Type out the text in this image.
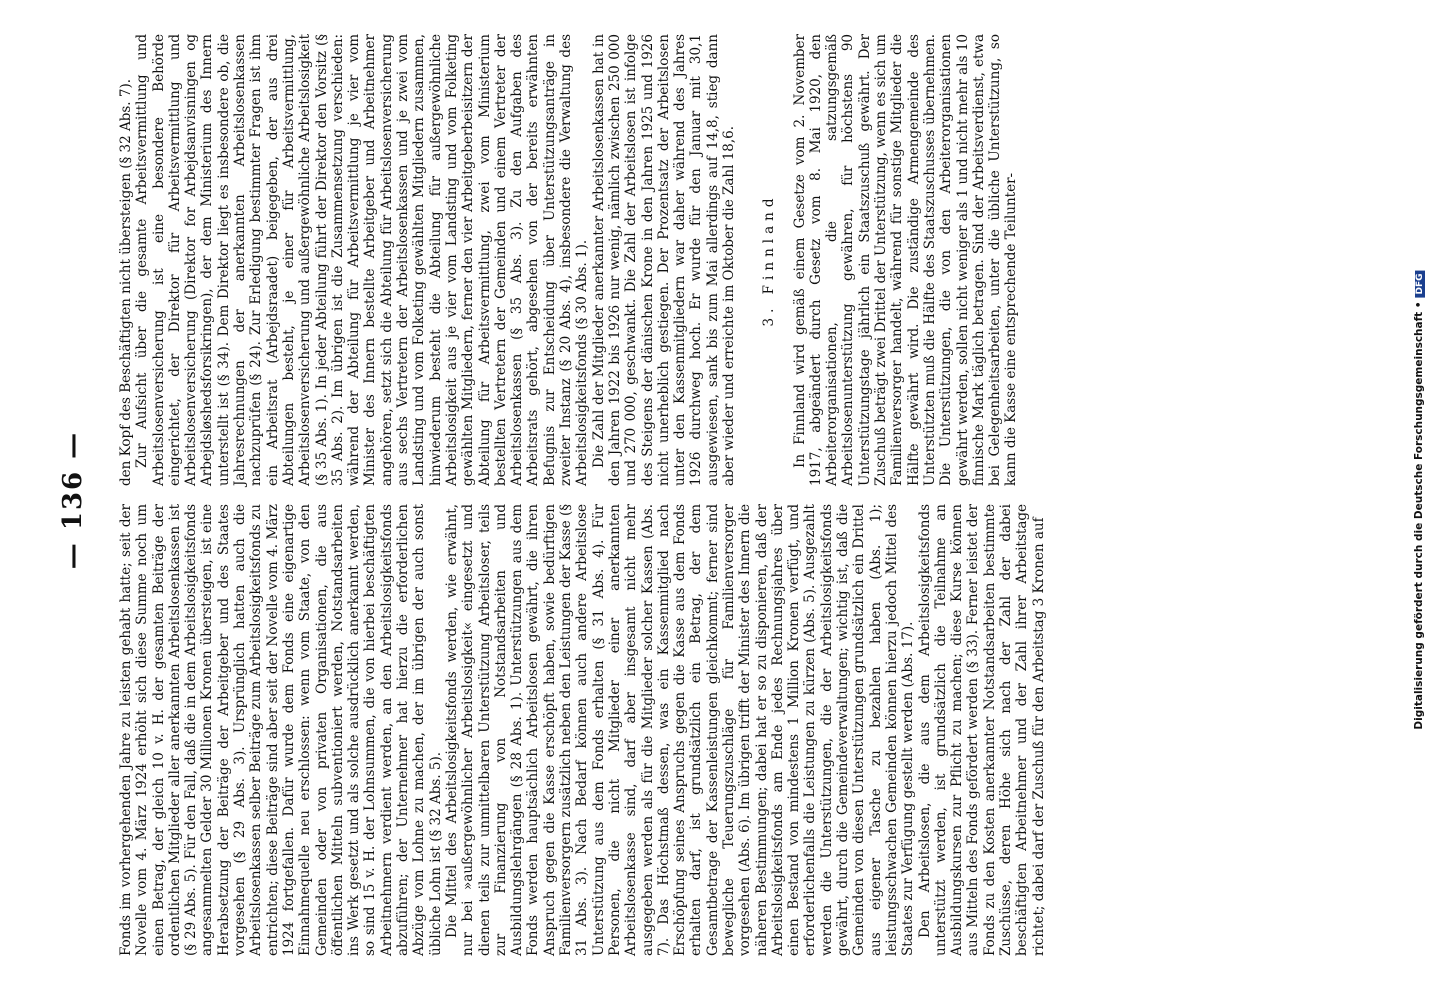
— 136 —

Fonds im vorhergehenden Jahre zu leisten gehabt hatte; seit der Novelle vom 4. März 1924 erhöht sich diese Summe noch um einen Betrag, der gleich 10 v. H. der gesamten Beiträge der ordentlichen Mitglieder aller anerkannten Arbeitslosenkassen ist (§ 29 Abs. 5). Für den Fall, daß die in dem Arbeitslosigkeitsfonds angesammelten Gelder 30 Millionen Kronen übersteigen, ist eine Herabsetzung der Beiträge der Arbeitgeber und des Staates vorgesehen (§ 29 Abs. 3). Ursprünglich hatten auch die Arbeitslosenkassen selber Beiträge zum Arbeitslosigkeitsfonds zu entrichten; diese Beiträge sind aber seit der Novelle vom 4. März 1924 fortgefallen. Dafür wurde dem Fonds eine eigenartige Einnahmequelle neu erschlossen: wenn vom Staate, von den Gemeinden oder von privaten Organisationen, die aus öffentlichen Mitteln subventioniert werden, Notstandsarbeiten ins Werk gesetzt und als solche ausdrücklich anerkannt werden, so sind 15 v. H. der Lohnsummen, die von hierbei beschäftigten Arbeitnehmern verdient werden, an den Arbeitslosigkeitsfonds abzuführen; der Unternehmer hat hierzu die erforderlichen Abzüge vom Lohne zu machen, der im übrigen der auch sonst übliche Lohn ist (§ 32 Abs. 5). Die Mittel des Arbeitslosigkeitsfonds werden, wie erwähnt, nur bei »außergewöhnlicher Arbeitslosigkeit« eingesetzt und dienen teils zur unmittelbaren Unterstützung Arbeitsloser, teils zur Finanzierung von Notstandsarbeiten und Ausbildungslehrgängen (§ 28 Abs. 1). Unterstützungen aus dem Fonds werden hauptsächlich Arbeitslosen gewährt, die ihren Anspruch gegen die Kasse erschöpft haben, sowie bedürftigen Familienversorgern zusätzlich neben den Leistungen der Kasse (§ 31 Abs. 3). Nach Bedarf können auch andere Arbeitslose Unterstützung aus dem Fonds erhalten (§ 31 Abs. 4). Für Personen, die nicht Mitglieder einer anerkannten Arbeitslosenkasse sind, darf aber insgesamt nicht mehr ausgegeben werden als für die Mitglieder solcher Kassen (Abs. 7). Das Höchstmaß dessen, was ein Kassenmitglied nach Erschöpfung seines Anspruchs gegen die Kasse aus dem Fonds erhalten darf, ist grundsätzlich ein Betrag, der dem Gesamtbetrage der Kassenleistungen gleichkommt; ferner sind bewegliche Teuerungszuschläge für Familienversorger vorgesehen (Abs. 6). Im übrigen trifft der Minister des Innern die näheren Bestimmungen; dabei hat er so zu disponieren, daß der Arbeitslosigkeitsfonds am Ende jedes Rechnungsjahres über einen Bestand von mindestens 1 Million Kronen verfügt, und erforderlichenfalls die Leistungen zu kürzen (Abs. 5). Ausgezahlt werden die Unterstützungen, die der Arbeitslosigkeitsfonds gewährt, durch die Gemeindeverwaltungen; wichtig ist, daß die Gemeinden von diesen Unterstützungen grundsätzlich ein Drittel aus eigener Tasche zu bezahlen haben (Abs. 1); leistungsschwachen Gemeinden können hierzu jedoch Mittel des Staates zur Verfügung gestellt werden (Abs. 17). Den Arbeitslosen, die aus dem Arbeitslosigkeitsfonds unterstützt werden, ist grundsätzlich die Teilnahme an Ausbildungskursen zur Pflicht zu machen; diese Kurse können aus Mitteln des Fonds gefördert werden (§ 33). Ferner leistet der Fonds zu den Kosten anerkannter Notstandsarbeiten bestimmte Zuschüsse, deren Höhe sich nach der Zahl der dabei beschäftigten Arbeitnehmer und der Zahl ihrer Arbeitstage richtet; dabei darf der Zuschuß für den Arbeitstag 3 Kronen auf

den Kopf des Beschäftigten nicht übersteigen (§ 32 Abs. 7). Zur Aufsicht über die gesamte Arbeitsvermittlung und Arbeitslosenversicherung ist eine besondere Behörde eingerichtet, der Direktor für Arbeitsvermittlung und Arbeitslosenversicherung (Direktor for Arbejdsanvisningen og Arbejdsløshedsforsikringen), der dem Ministerium des Innern unterstellt ist (§ 34). Dem Direktor liegt es insbesondere ob, die Jahresrechnungen der anerkannten Arbeitslosenkassen nachzuprüfen (§ 24). Zur Erledigung bestimmter Fragen ist ihm ein Arbeitsrat (Arbejdsraadet) beigegeben, der aus drei Abteilungen besteht, je einer für Arbeitsvermittlung, Arbeitslosenversicherung und außergewöhnliche Arbeitslosigkeit (§ 35 Abs. 1). In jeder Abteilung führt der Direktor den Vorsitz (§ 35 Abs. 2). Im übrigen ist die Zusammensetzung verschieden: während der Abteilung für Arbeitsvermittlung je vier vom Minister des Innern bestellte Arbeitgeber und Arbeitnehmer angehören, setzt sich die Abteilung für Arbeitslosenversicherung aus sechs Vertretern der Arbeitslosenkassen und je zwei vom Landsting und vom Folketing gewählten Mitgliedern zusammen, hinwiederum besteht die Abteilung für außergewöhnliche Arbeitslosigkeit aus je vier vom Landsting und vom Folketing gewählten Mitgliedern, ferner den vier Arbeitgeberbeisitzern der Abteilung für Arbeitsvermittlung, zwei vom Ministerium bestellten Vertretern der Gemeinden und einem Vertreter der Arbeitslosenkassen (§ 35 Abs. 3). Zu den Aufgaben des Arbeitsrats gehört, abgesehen von der bereits erwähnten Befugnis zur Entscheidung über Unterstützungsanträge in zweiter Instanz (§ 20 Abs. 4), insbesondere die Verwaltung des Arbeitslosigkeitsfonds (§ 30 Abs. 1). Die Zahl der Mitglieder anerkannter Arbeitslosenkassen hat in den Jahren 1922 bis 1926 nur wenig, nämlich zwischen 250 000 und 270 000, geschwankt. Die Zahl der Arbeitslosen ist infolge des Steigens der dänischen Krone in den Jahren 1925 und 1926 nicht unerheblich gestiegen. Der Prozentsatz der Arbeitslosen unter den Kassenmitgliedern war daher während des Jahres 1926 durchweg hoch. Er wurde für den Januar mit 30,1 ausgewiesen, sank bis zum Mai allerdings auf 14,8, stieg dann aber wieder und erreichte im Oktober die Zahl 18,6. 3. Finnland In Finnland wird gemäß einem Gesetze vom 2. November 1917, abgeändert durch Gesetz vom 8. Mai 1920, den Arbeiterorganisationen, die satzungsgemäß Arbeitslosenunterstützung gewähren, für höchstens 90 Unterstützungstage jährlich ein Staatszuschuß gewährt. Der Zuschuß beträgt zwei Drittel der Unterstützung, wenn es sich um Familienversorger handelt, während für sonstige Mitglieder die Hälfte gewährt wird. Die zuständige Armengemeinde des Unterstützten muß die Hälfte des Staatszuschusses übernehmen. Die Unterstützungen, die von den Arbeiterorganisationen gewährt werden, sollen nicht weniger als 1 und nicht mehr als 10 finnische Mark täglich betragen. Sind der Arbeitsverdienst, etwa bei Gelegenheitsarbeiten, unter die übliche Unterstützung, so kann die Kasse eine entsprechende Teilunter-	Digitalisierung gefördert durch die Deutsche Forschungsgemeinschaft •DFG
